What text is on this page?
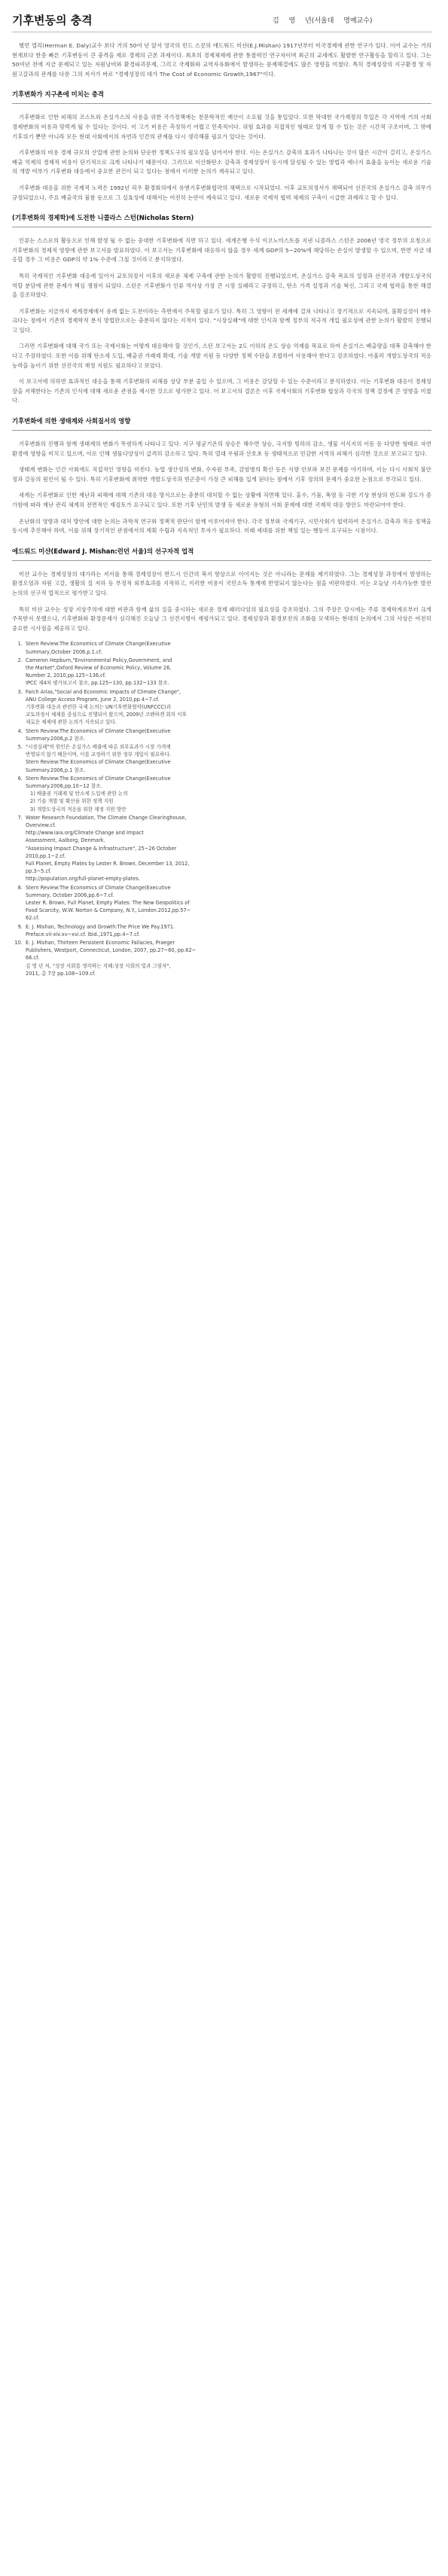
기후변동의 충격	김 영 년(서울대 명예교수)

헬먼 델리(Herman E. Daly)교수 보다 거의 50여 년 앞서 영국의 민드 스콧의 애드워드 미샨(E.J.Mishan) 1917년부터 미국경제에 관한 연구가 있다. 이어 교수는 거의 현재보다 한층 빠른 기후변동이 큰 충격을 제로 경제의 근본 과제이다. 최초의 경제체제에 관한 통찰력인 연구자이며 최근의 교세에도 활발한 연구활동을 할리고 있다. 그는 50여년 전에 지금 문제되고 있는 자원낭비와 환경파괴문제, 그리고 국제화와 교역자유화에서 발생하는 문제해결에도 많은 영향을 미쳤다. 특히 경제성장의 지구환경 및 자원고갈과의 관계를 다룬 그의 저서가 바로 "경제성장의 대가 The Cost of Economic Growth,1967"이다.

기후변화가 지구촌에 미치는 충격

기후변화로 인한 피해의 코스트와 온실가스의 사용을 위한 국가정책에는 천문학적인 예산이 소요될 것을 통일었다. 또한 막대한 국가재정의 투입은 각 지역에 거의 사회경제변화의 비용과 맞먹게 될 수 있다는 것이다. 이 고기 비용은 측정하기 어렵고 민족적이다. 위험 효과를 직접적인 형태로 알게 할 수 있는 것은 시간적 구조이며, 그 밖에 기후위기 뿐만 아니라 모든 현대 사회에서의 자연과 인간의 관계를 다시 생각해볼 필요가 있다는 것이다.

기후변화의 비용 경제 규모의 산업에 관한 논의와 단순한 정책도구의 필요성을 넘어서야 한다. 이는 온실가스 감축의 효과가 나타나는 것이 많은 시간이 걸리고, 온실가스 배출 억제의 경제적 비용이 단기적으로 크게 나타나기 때문이다. 그러므로 이산화탄소 감축과 경제성장이 동시에 달성될 수 있는 방법과 에너지 효율을 높이는 새로운 기술의 개발 여부가 기후변화 대응에서 중요한 관건이 되고 있다는 점에서 이러한 논의가 계속되고 있다.

기후변화 대응을 위한 국제적 노력은 1992년 리우 환경회의에서 유엔기후변화협약의 채택으로 시작되었다. 이후 교토의정서가 채택되어 선진국의 온실가스 감축 의무가 규정되었으나, 주요 배출국의 불참 등으로 그 실효성에 대해서는 여전히 논란이 계속되고 있다. 새로운 국제적 협력 체제의 구축이 시급한 과제라고 할 수 있다.

(기후변화의 경제학)에 도전한 니콜라스 스턴(Nicholas Stern)

인류는 스스로의 활동으로 인해 발생 될 수 없는 중대한 기후변화에 직면 하고 있다. 세계은행 수석 이코노미스트를 지낸 니콜라스 스턴은 2006년 영국 정부의 요청으로 기후변화의 경제적 영향에 관한 보고서를 발표하였다. 이 보고서는 기후변화에 대응하지 않을 경우 세계 GDP의 5~20%에 해당하는 손실이 발생할 수 있으며, 반면 지금 대응할 경우 그 비용은 GDP의 약 1% 수준에 그칠 것이라고 분석하였다.

특히 국제적인 기후변화 대응에 있어서 교토의정서 이후의 새로운 체제 구축에 관한 논의가 활발히 진행되었으며, 온실가스 감축 목표의 설정과 선진국과 개발도상국의 역할 분담에 관한 문제가 핵심 쟁점이 되었다. 스턴은 기후변화가 인류 역사상 가장 큰 시장 실패라고 규정하고, 탄소 가격 설정과 기술 혁신, 그리고 국제 협력을 통한 해결을 강조하였다.

기후변화는 지금까지 세계경제에서 유례 없는 도전이라는 측면에서 주목할 필요가 있다. 특히 그 영향이 전 세계에 걸쳐 나타나고 장기적으로 지속되며, 불확실성이 매우 크다는 점에서 기존의 경제학적 분석 방법만으로는 충분하지 않다는 지적이 있다. "시장실패"에 대한 인식과 함께 정부의 적극적 개입 필요성에 관한 논의가 활발히 진행되고 있다.

그러면 기후변화에 대해 국가 또는 국제사회는 어떻게 대응해야 할 것인가, 스턴 보고서는 2도 이하의 온도 상승 억제를 목표로 하여 온실가스 배출량을 대폭 감축해야 한다고 주장하였다. 또한 이를 위해 탄소세 도입, 배출권 거래제 확대, 기술 개발 지원 등 다양한 정책 수단을 조합하여 사용해야 한다고 강조하였다. 아울러 개발도상국의 적응 능력을 높이기 위한 선진국의 재정 지원도 필요하다고 보았다.

이 보고서에 의하면 효과적인 대응을 통해 기후변화의 피해를 상당 부분 줄일 수 있으며, 그 비용은 감당할 수 있는 수준이라고 분석하였다. 이는 기후변화 대응이 경제성장을 저해한다는 기존의 인식에 대해 새로운 관점을 제시한 것으로 평가받고 있다. 이 보고서의 결론은 이후 국제사회의 기후변화 협상과 각국의 정책 결정에 큰 영향을 미쳤다.

기후변화에 의한 생태계와 사회질서의 영향

기후변화의 진행과 함께 생태계의 변화가 뚜렷하게 나타나고 있다. 지구 평균기온의 상승은 해수면 상승, 극지방 빙하의 감소, 생물 서식지의 이동 등 다양한 형태로 자연환경에 영향을 미치고 있으며, 이로 인해 생물다양성이 급격히 감소하고 있다. 특히 열대 우림과 산호초 등 생태적으로 민감한 지역의 피해가 심각한 것으로 보고되고 있다.

생태계 변화는 인간 사회에도 직접적인 영향을 미친다. 농업 생산성의 변화, 수자원 부족, 감염병의 확산 등은 식량 안보와 보건 문제를 야기하며, 이는 다시 사회적 불안정과 갈등의 원인이 될 수 있다. 특히 기후변화에 취약한 개발도상국과 빈곤층이 가장 큰 피해를 입게 된다는 점에서 기후 정의의 문제가 중요한 논점으로 부각되고 있다.

세계는 기후변화로 인한 재난과 피해에 대해 기존의 대응 방식으로는 충분히 대처할 수 없는 상황에 직면해 있다. 홍수, 가뭄, 폭염 등 극한 기상 현상의 빈도와 강도가 증가함에 따라 재난 관리 체계의 전면적인 재검토가 요구되고 있다. 또한 기후 난민의 발생 등 새로운 유형의 사회 문제에 대한 국제적 대응 방안도 마련되어야 한다.

온난화의 영향과 대처 방안에 대한 논의는 과학적 연구와 정책적 판단이 함께 이루어져야 한다. 각국 정부와 국제기구, 시민사회가 협력하여 온실가스 감축과 적응 정책을 동시에 추진해야 하며, 이를 위해 장기적인 관점에서의 계획 수립과 지속적인 투자가 필요하다. 미래 세대를 위한 책임 있는 행동이 요구되는 시점이다.

에드워드 미샨(Edward J. Mishan:런던 서울)의 선구자적 업적

미샨 교수는 경제성장의 대가라는 저서를 통해 경제성장이 반드시 인간의 복지 향상으로 이어지는 것은 아니라는 문제를 제기하였다. 그는 경제성장 과정에서 발생하는 환경오염과 자원 고갈, 생활의 질 저하 등 부정적 외부효과를 지적하고, 이러한 비용이 국민소득 통계에 반영되지 않는다는 점을 비판하였다. 이는 오늘날 지속가능한 발전 논의의 선구적 업적으로 평가받고 있다.

특히 미샨 교수는 성장 지상주의에 대한 비판과 함께 삶의 질을 중시하는 새로운 경제 패러다임의 필요성을 강조하였다. 그의 주장은 당시에는 주류 경제학계로부터 크게 주목받지 못했으나, 기후변화와 환경문제가 심각해진 오늘날 그 선견지명이 재평가되고 있다. 경제성장과 환경보전의 조화를 모색하는 현대의 논의에서 그의 사상은 여전히 중요한 시사점을 제공하고 있다.

1. Stern Review:The Economics of Climate Change(Executive
Summary,October 2006,p.1.cf.
2. Cameron Hepburn,"Environmental Policy,Government, and
the Market",Oxford Review of Economic Policy, Volume 26,
Number 2, 2010,pp.125~136.cf.
IPCC 제4차 평가보고서 참조, pp.125~130, pp.132~133 참조.
3. Farch Arias,"Social and Economic Impacts of Climate Change",
ANU College Access Program, June 2, 2010,pp.4~7.cf.
기후변화 대응과 관련한 국제 논의는 UN기후변화협약(UNFCCC)과
교토의정서 체제를 중심으로 진행되어 왔으며, 2009년 코펜하겐 회의 이후
새로운 체제에 관한 논의가 지속되고 있다.
4. Stern Review:The Economics of Climate Change(Executive
Summary.2006,p.2 참조.
5. "시장실패"의 원인은 온실가스 배출에 따른 외부효과가 시장 가격에
반영되지 않기 때문이며, 이를 교정하기 위한 정부 개입이 필요하다.
Stern Review:The Economics of Climate Change(Executive
Summary.2006,p.1 참조.
6. Stern Review:The Economics of Climate Change(Executive
Summary.2006,pp.10~12 참조.
1) 배출권 거래제 및 탄소세 도입에 관한 논의
2) 기술 개발 및 확산을 위한 정책 지원
3) 개발도상국의 적응을 위한 재정 지원 방안
7. Water Research Foundation, The Climate Change Clearinghouse,
Overview.cf.
http://www.iaia.org/Climate Change and Impact
Assessment, Aalborg, Denmark.
"Assessing Impact Change & Infrastructure", 25~26 October
2010,pp.1~2.cf.
Full Planet, Empty Plates by Lester R. Brown, December 13, 2012,
pp.3~5.cf.
http://population.org/full-planet-empty-plates.
8. Stern Review:The Economics of Climate Change(Executive
Summary, October 2006,pp.6~7.cf.
Lester R. Brown, Full Planet, Empty Plates: The New Geopolitics of
Food Scarcity, W.W. Norton & Company, N.Y., London.2012,pp.57~
62.cf.
9. E. J. Mishan, Technology and Growth:The Price We Pay.1971.
Preface.vii-xiv.xv~xvi.cf. Ibid.,1971,pp.4~7.cf.
10. E. J. Mishan, Thirteen Persistent Economic Fallacies, Praeger
Publishers, Westport, Connecticut, London, 2007, pp.27~60, pp.62~
66.cf.
김 영 년 저, "성장 사회를 생각하는 지혜:성장 사회의 빛과 그림자",
2011, 총 7장 pp.108~109.cf.
